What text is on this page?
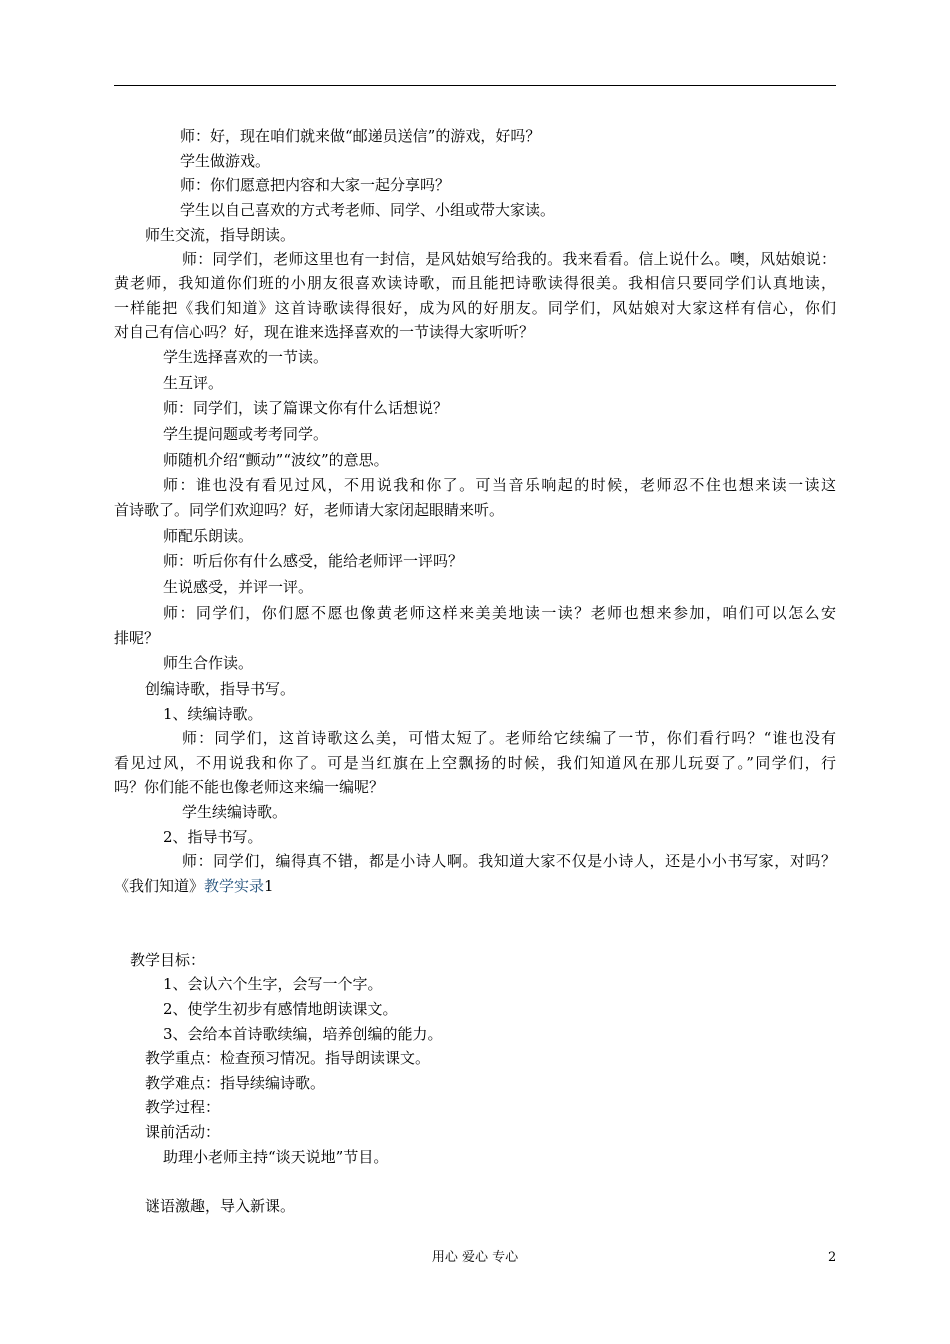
师：好，现在咱们就来做“邮递员送信”的游戏，好吗？
学生做游戏。
师：你们愿意把内容和大家一起分享吗？
学生以自己喜欢的方式考老师、同学、小组或带大家读。
师生交流，指导朗读。
师：同学们，老师这里也有一封信，是风姑娘写给我的。我来看看。信上说什么。噢，风姑娘说：
黄老师，我知道你们班的小朋友很喜欢读诗歌，而且能把诗歌读得很美。我相信只要同学们认真地读，
一样能把《我们知道》这首诗歌读得很好，成为风的好朋友。同学们，风姑娘对大家这样有信心，你们
对自己有信心吗？好，现在谁来选择喜欢的一节读得大家听听？
学生选择喜欢的一节读。
生互评。
师：同学们，读了篇课文你有什么话想说？
学生提问题或考考同学。
师随机介绍“颤动”“波纹”的意思。
师：谁也没有看见过风，不用说我和你了。可当音乐响起的时候，老师忍不住也想来读一读这
首诗歌了。同学们欢迎吗？好，老师请大家闭起眼睛来听。
师配乐朗读。
师：听后你有什么感受，能给老师评一评吗？
生说感受，并评一评。
师：同学们，你们愿不愿也像黄老师这样来美美地读一读？老师也想来参加，咱们可以怎么安
排呢？
师生合作读。
创编诗歌，指导书写。
1、续编诗歌。
师：同学们，这首诗歌这么美，可惜太短了。老师给它续编了一节，你们看行吗？“谁也没有
看见过风，不用说我和你了。可是当红旗在上空飘扬的时候，我们知道风在那儿玩耍了。”同学们，行
吗？你们能不能也像老师这来编一编呢？
学生续编诗歌。
2、指导书写。
师：同学们，编得真不错，都是小诗人啊。我知道大家不仅是小诗人，还是小小书写家，对吗？
《我们知道》教学实录1
教学目标：
1、会认六个生字，会写一个字。
2、使学生初步有感情地朗读课文。
3、会给本首诗歌续编，培养创编的能力。
教学重点：检查预习情况。指导朗读课文。
教学难点：指导续编诗歌。
教学过程：
课前活动：
助理小老师主持“谈天说地”节目。
谜语激趣，导入新课。
用心 爱心 专心	2
